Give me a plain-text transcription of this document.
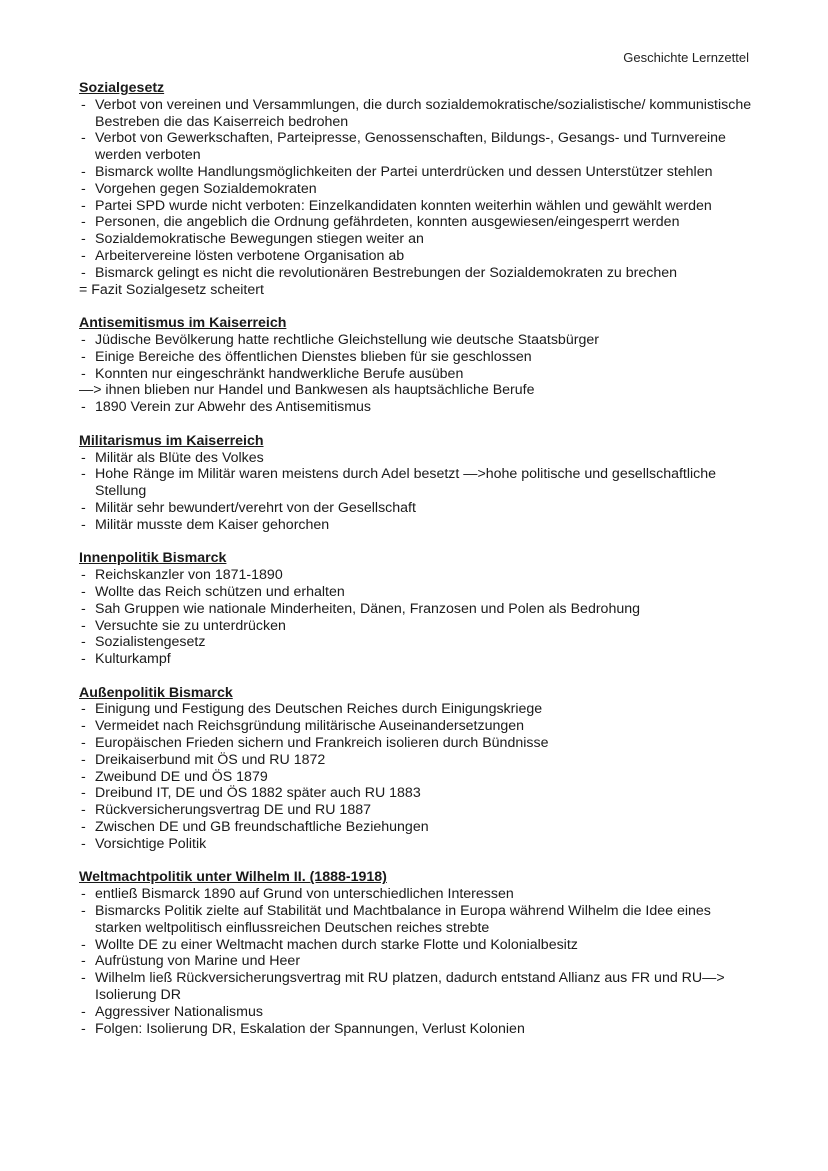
Geschichte Lernzettel
Sozialgesetz
- Verbot von vereinen und Versammlungen, die durch sozialdemokratische/sozialistische/ kommunistische Bestreben die das Kaiserreich bedrohen
- Verbot von Gewerkschaften, Parteipresse, Genossenschaften, Bildungs-, Gesangs- und Turnvereine werden verboten
- Bismarck wollte Handlungsmöglichkeiten der Partei unterdrücken und dessen Unterstützer stehlen
- Vorgehen gegen Sozialdemokraten
- Partei SPD wurde nicht verboten: Einzelkandidaten konnten weiterhin wählen und gewählt werden
- Personen, die angeblich die Ordnung gefährdeten, konnten ausgewiesen/eingesperrt werden
- Sozialdemokratische Bewegungen stiegen weiter an
- Arbeitervereine lösten verbotene Organisation ab
- Bismarck gelingt es nicht die revolutionären Bestrebungen der Sozialdemokraten zu brechen
= Fazit Sozialgesetz scheitert
Antisemitismus im Kaiserreich
- Jüdische Bevölkerung hatte rechtliche Gleichstellung wie deutsche Staatsbürger
- Einige Bereiche des öffentlichen Dienstes blieben für sie geschlossen
- Konnten nur eingeschränkt handwerkliche Berufe ausüben
—> ihnen blieben nur Handel und Bankwesen als hauptsächliche Berufe
- 1890 Verein zur Abwehr des Antisemitismus
Militarismus im Kaiserreich
- Militär als Blüte des Volkes
- Hohe Ränge im Militär waren meistens durch Adel besetzt —>hohe politische und gesellschaftliche Stellung
- Militär sehr bewundert/verehrt von der Gesellschaft
- Militär musste dem Kaiser gehorchen
Innenpolitik Bismarck
- Reichskanzler von 1871-1890
- Wollte das Reich schützen und erhalten
- Sah Gruppen wie nationale Minderheiten, Dänen, Franzosen und Polen als Bedrohung
- Versuchte sie zu unterdrücken
- Sozialistengesetz
- Kulturkampf
Außenpolitik Bismarck
- Einigung und Festigung des Deutschen Reiches durch Einigungskriege
- Vermeidet nach Reichsgründung militärische Auseinandersetzungen
- Europäischen Frieden sichern und Frankreich isolieren durch Bündnisse
- Dreikaiserbund mit ÖS und RU 1872
- Zweibund DE und ÖS 1879
- Dreibund IT, DE und ÖS 1882 später auch RU 1883
- Rückversicherungsvertrag DE und RU 1887
- Zwischen DE und GB freundschaftliche Beziehungen
- Vorsichtige Politik
Weltmachtpolitik unter Wilhelm II. (1888-1918)
- entließ Bismarck 1890 auf Grund von unterschiedlichen Interessen
- Bismarcks Politik zielte auf Stabilität und Machtbalance in Europa während Wilhelm die Idee eines starken weltpolitisch einflussreichen Deutschen reiches strebte
- Wollte DE zu einer Weltmacht machen durch starke Flotte und Kolonialbesitz
- Aufrüstung von Marine und Heer
- Wilhelm ließ Rückversicherungsvertrag mit RU platzen, dadurch entstand Allianz aus FR und RU—> Isolierung DR
- Aggressiver Nationalismus
- Folgen: Isolierung DR, Eskalation der Spannungen, Verlust Kolonien
